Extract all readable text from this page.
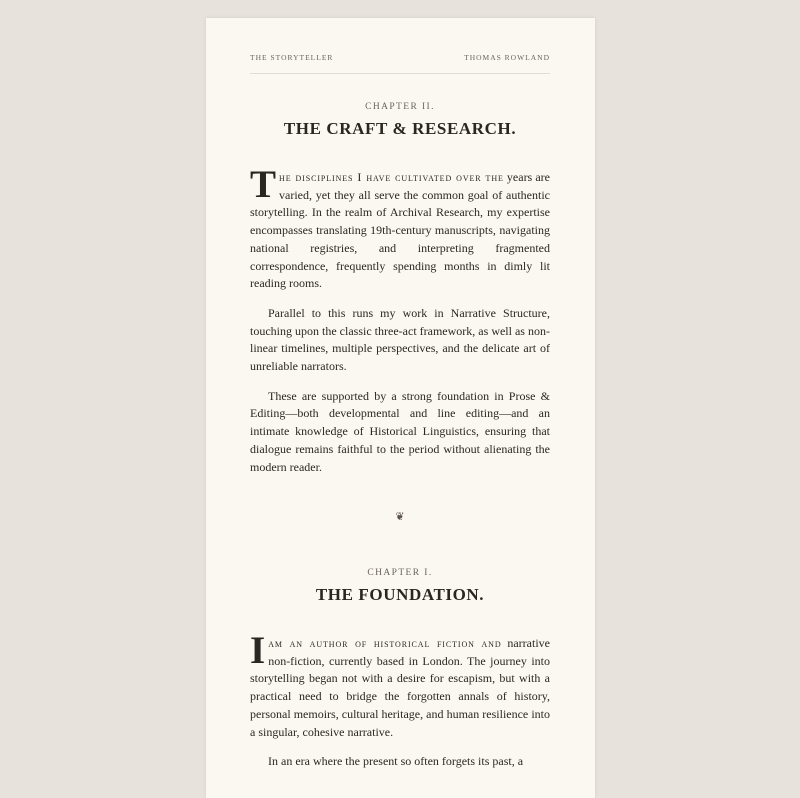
THE STORYTELLER	THOMAS ROWLAND
CHAPTER II.
THE CRAFT & RESEARCH.

The disciplines I have cultivated over the years are varied, yet they all serve the common goal of authentic storytelling. In the realm of Archival Research, my expertise encompasses translating 19th-century manuscripts, navigating national registries, and interpreting fragmented correspondence, frequently spending months in dimly lit reading rooms.

Parallel to this runs my work in Narrative Structure, touching upon the classic three-act framework, as well as non-linear timelines, multiple perspectives, and the delicate art of unreliable narrators.

These are supported by a strong foundation in Prose & Editing—both developmental and line editing—and an intimate knowledge of Historical Linguistics, ensuring that dialogue remains faithful to the period without alienating the modern reader.

❦
CHAPTER I.
THE FOUNDATION.

Iam an author of historical fiction and narrative non-fiction, currently based in London. The journey into storytelling began not with a desire for escapism, but with a practical need to bridge the forgotten annals of history, personal memoirs, cultural heritage, and human resilience into a singular, cohesive narrative.

In an era where the present so often forgets its past, a
